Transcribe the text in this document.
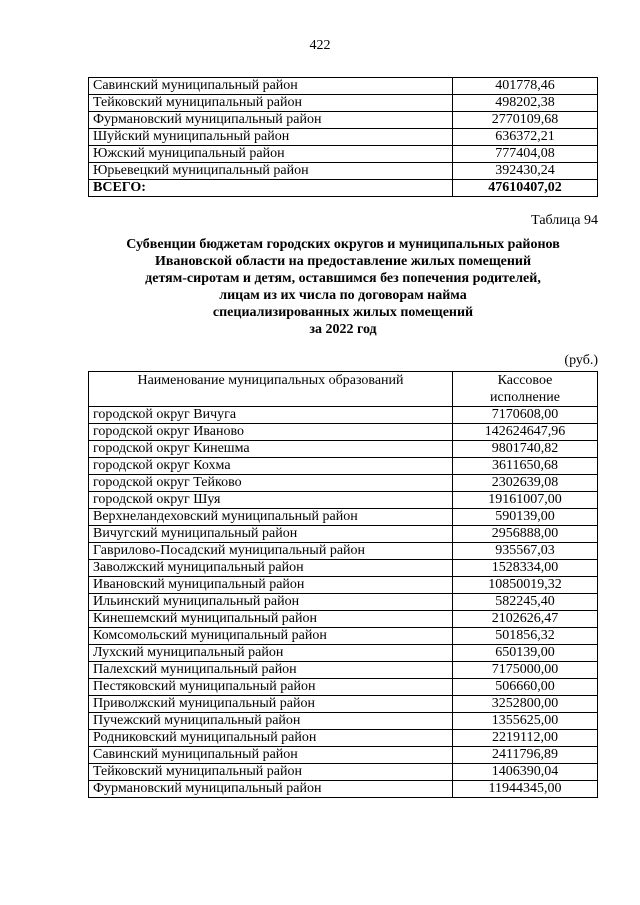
422
Савинский муниципальный район	401778,46
Тейковский муниципальный район	498202,38
Фурмановский муниципальный район	2770109,68
Шуйский муниципальный район	636372,21
Южский муниципальный район	777404,08
Юрьевецкий муниципальный район	392430,24
ВСЕГО:	47610407,02
Таблица 94
Субвенции бюджетам городских округов и муниципальных районов
Ивановской области на предоставление жилых помещений
детям-сиротам и детям, оставшимся без попечения родителей,
лицам из их числа по договорам найма
специализированных жилых помещений
за 2022 год
(руб.)
Наименование муниципальных образований	Кассовое
исполнение

городской округ Вичуга	7170608,00
городской округ Иваново	142624647,96
городской округ Кинешма	9801740,82
городской округ Кохма	3611650,68
городской округ Тейково	2302639,08
городской округ Шуя	19161007,00
Верхнеландеховский муниципальный район	590139,00
Вичугский муниципальный район	2956888,00
Гаврилово-Посадский муниципальный район	935567,03
Заволжский муниципальный район	1528334,00
Ивановский муниципальный район	10850019,32
Ильинский муниципальный район	582245,40
Кинешемский муниципальный район	2102626,47
Комсомольский муниципальный район	501856,32
Лухский муниципальный район	650139,00
Палехский муниципальный район	7175000,00
Пестяковский муниципальный район	506660,00
Приволжский муниципальный район	3252800,00
Пучежский муниципальный район	1355625,00
Родниковский муниципальный район	2219112,00
Савинский муниципальный район	2411796,89
Тейковский муниципальный район	1406390,04
Фурмановский муниципальный район	11944345,00
